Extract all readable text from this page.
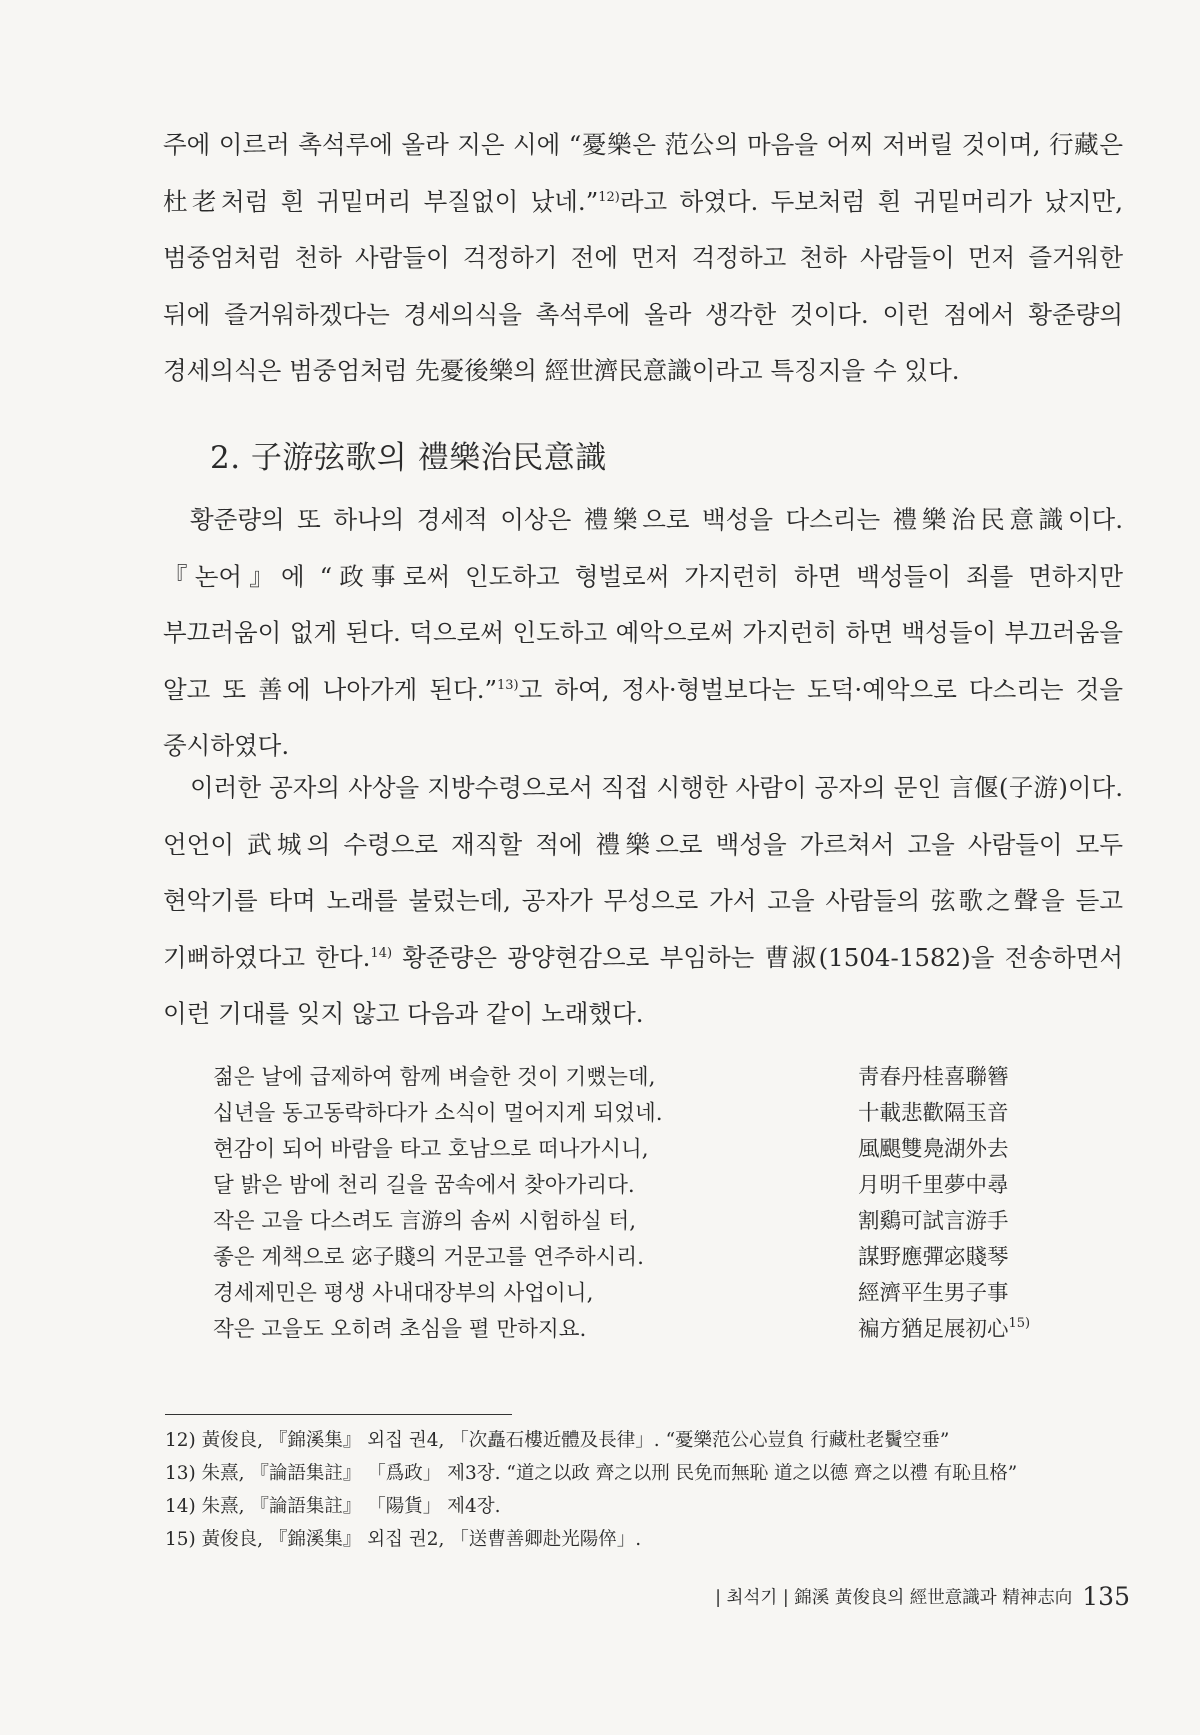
주에 이르러 촉석루에 올라 지은 시에 “憂樂은 范公의 마음을 어찌 저버릴 것이며, 行藏은 杜老처럼 흰 귀밑머리 부질없이 났네.”$^{12)}$라고 하였다. 두보처럼 흰 귀밑머리가 났지만, 범중엄처럼 천하 사람들이 걱정하기 전에 먼저 걱정하고 천하 사람들이 먼저 즐거워한 뒤에 즐거워하겠다는 경세의식을 촉석루에 올라 생각한 것이다. 이런 점에서 황준량의 경세의식은 범중엄처럼 先憂後樂의 經世濟民意識이라고 특징지을 수 있다.

2. 子游弦歌의 禮樂治民意識

황준량의 또 하나의 경세적 이상은 禮樂으로 백성을 다스리는 禮樂治民意識이다. 『논어』에 “政事로써 인도하고 형벌로써 가지런히 하면 백성들이 죄를 면하지만 부끄러움이 없게 된다. 덕으로써 인도하고 예악으로써 가지런히 하면 백성들이 부끄러움을 알고 또 善에 나아가게 된다.”$^{13)}$고 하여, 정사·형벌보다는 도덕·예악으로 다스리는 것을 중시하였다.

이러한 공자의 사상을 지방수령으로서 직접 시행한 사람이 공자의 문인 言偃(子游)이다. 언언이 武城의 수령으로 재직할 적에 禮樂으로 백성을 가르쳐서 고을 사람들이 모두 현악기를 타며 노래를 불렀는데, 공자가 무성으로 가서 고을 사람들의 弦歌之聲을 듣고 기뻐하였다고 한다.$^{14)}$ 황준량은 광양현감으로 부임하는 曹淑(1504-1582)을 전송하면서 이런 기대를 잊지 않고 다음과 같이 노래했다.

젊은 날에 급제하여 함께 벼슬한 것이 기뻤는데,	靑春丹桂喜聯簪
십년을 동고동락하다가 소식이 멀어지게 되었네.	十載悲歡隔玉音
현감이 되어 바람을 타고 호남으로 떠나가시니,	風颶雙鳧湖外去
달 밝은 밤에 천리 길을 꿈속에서 찾아가리다.	月明千里夢中尋
작은 고을 다스려도 言游의 솜씨 시험하실 터,	割鷄可試言游手
좋은 계책으로 宓子賤의 거문고를 연주하시리.	謀野應彈宓賤琴
경세제민은 평생 사내대장부의 사업이니,	經濟平生男子事
작은 고을도 오히려 초심을 펼 만하지요.	褊方猶足展初心$^{15)}$
12) 黃俊良, 『錦溪集』 외집 권4, 「次矗石樓近體及長律」. “憂樂范公心豈負 行藏杜老鬢空垂”
13) 朱熹, 『論語集註』 「爲政」 제3장. “道之以政 齊之以刑 民免而無恥 道之以德 齊之以禮 有恥且格”
14) 朱熹, 『論語集註』 「陽貨」 제4장.
15) 黃俊良, 『錦溪集』 외집 권2, 「送曹善卿赴光陽倅」.
| 최석기 | 錦溪 黃俊良의 經世意識과 精神志向 135
